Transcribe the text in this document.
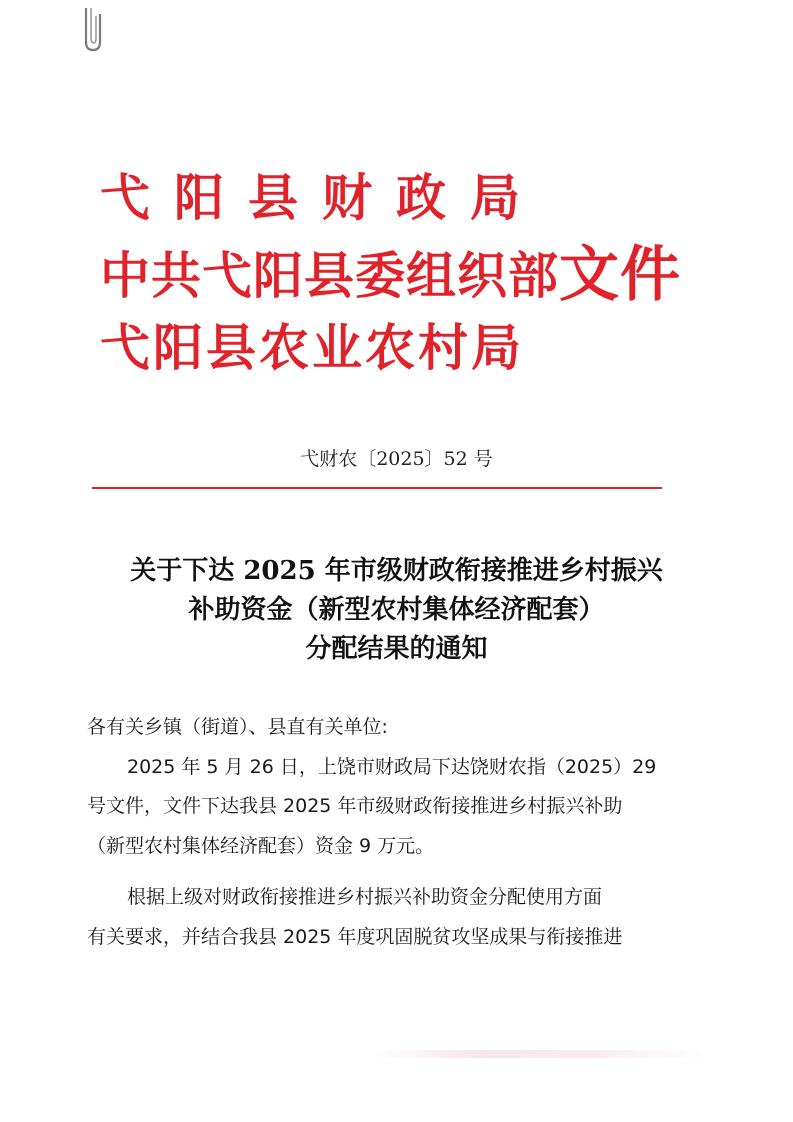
弋阳县财政局
中共弋阳县委组织部文件
弋阳县农业农村局
弋财农〔2025〕52 号
关于下达 2025 年市级财政衔接推进乡村振兴
补助资金（新型农村集体经济配套）
分配结果的通知
各有关乡镇（街道）、县直有关单位:
2025 年 5 月 26 日，上饶市财政局下达饶财农指（2025）29
号文件，文件下达我县 2025 年市级财政衔接推进乡村振兴补助
（新型农村集体经济配套）资金 9 万元。
根据上级对财政衔接推进乡村振兴补助资金分配使用方面
有关要求，并结合我县 2025 年度巩固脱贫攻坚成果与衔接推进
